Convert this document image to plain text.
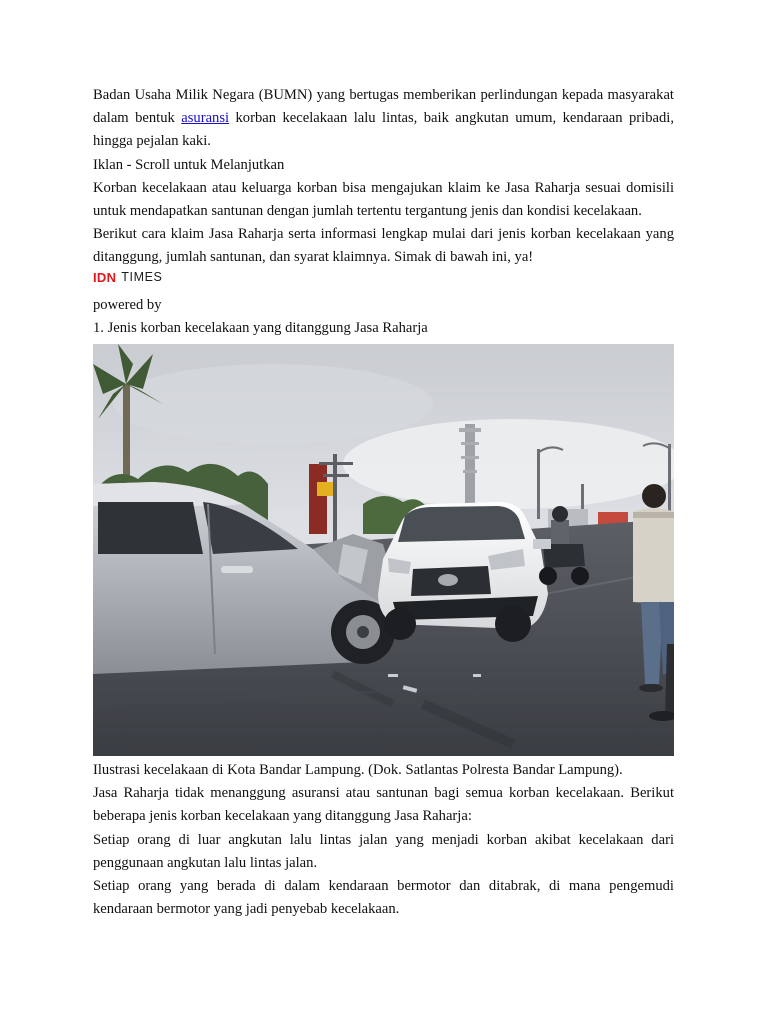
Badan Usaha Milik Negara (BUMN) yang bertugas memberikan perlindungan kepada masyarakat dalam bentuk asuransi korban kecelakaan lalu lintas, baik angkutan umum, kendaraan pribadi, hingga pejalan kaki.

Iklan - Scroll untuk Melanjutkan

Korban kecelakaan atau keluarga korban bisa mengajukan klaim ke Jasa Raharja sesuai domisili untuk mendapatkan santunan dengan jumlah tertentu tergantung jenis dan kondisi kecelakaan.

Berikut cara klaim Jasa Raharja serta informasi lengkap mulai dari jenis korban kecelakaan yang ditanggung, jumlah santunan, dan syarat klaimnya. Simak di bawah ini, ya!

IDN TIMES

powered by

1. Jenis korban kecelakaan yang ditanggung Jasa Raharja

Ilustrasi kecelakaan di Kota Bandar Lampung. (Dok. Satlantas Polresta Bandar Lampung).

Jasa Raharja tidak menanggung asuransi atau santunan bagi semua korban kecelakaan. Berikut beberapa jenis korban kecelakaan yang ditanggung Jasa Raharja:

Setiap orang di luar angkutan lalu lintas jalan yang menjadi korban akibat kecelakaan dari penggunaan angkutan lalu lintas jalan.

Setiap orang yang berada di dalam kendaraan bermotor dan ditabrak, di mana pengemudi kendaraan bermotor yang jadi penyebab kecelakaan.
